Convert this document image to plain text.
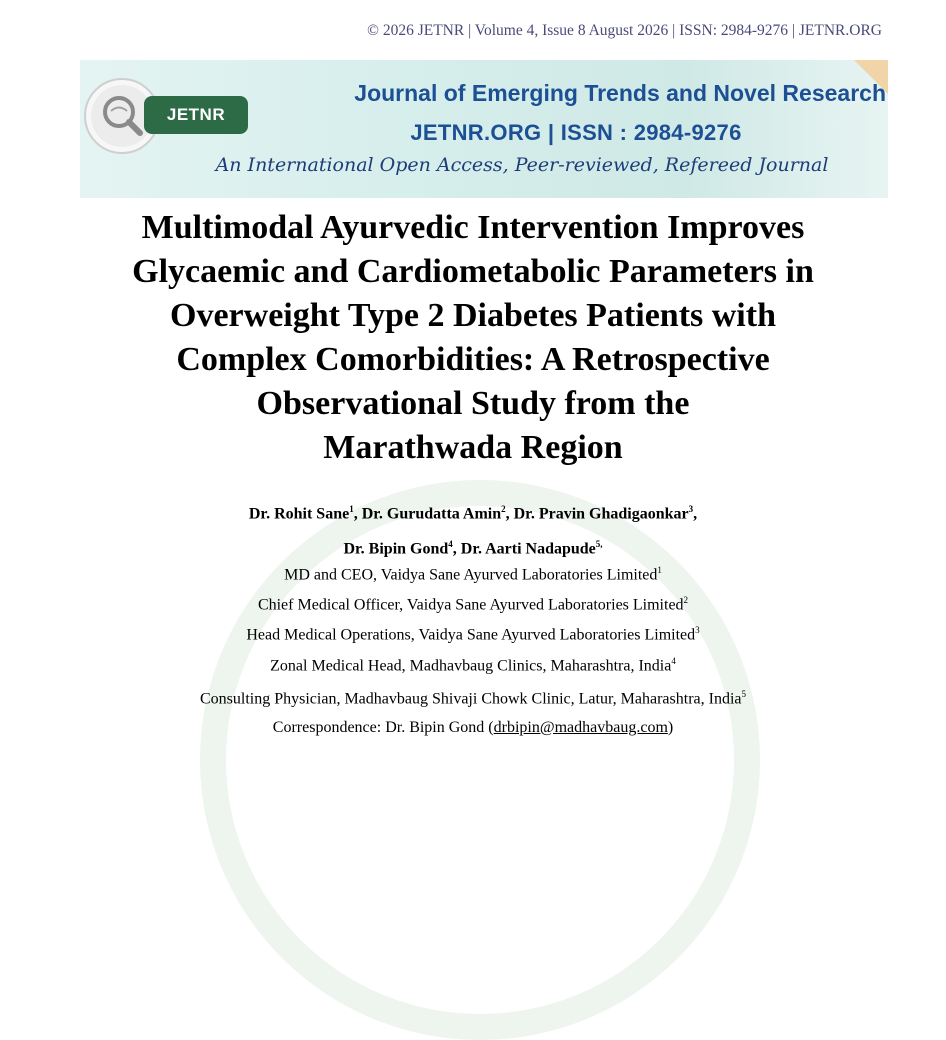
© 2026 JETNR | Volume 4, Issue 8 August 2026 | ISSN: 2984-9276 | JETNR.ORG
JETNR
Journal of Emerging Trends and Novel Research
JETNR.ORG | ISSN : 2984-9276
An International Open Access, Peer-reviewed, Refereed Journal
Multimodal Ayurvedic Intervention Improves
Glycaemic and Cardiometabolic Parameters in
Overweight Type 2 Diabetes Patients with
Complex Comorbidities: A Retrospective
Observational Study from the
Marathwada Region
Dr. Rohit Sane$^1$, Dr. Gurudatta Amin$^2$, Dr. Pravin Ghadigaonkar$^3$,
Dr. Bipin Gond$^4$, Dr. Aarti Nadapude$^{5,}$
MD and CEO, Vaidya Sane Ayurved Laboratories Limited$^1$
Chief Medical Officer, Vaidya Sane Ayurved Laboratories Limited$^2$
Head Medical Operations, Vaidya Sane Ayurved Laboratories Limited$^3$
Zonal Medical Head, Madhavbaug Clinics, Maharashtra, India$^4$
Consulting Physician, Madhavbaug Shivaji Chowk Clinic, Latur, Maharashtra, India$^5$
Correspondence: Dr. Bipin Gond (drbipin@madhavbaug.com)
